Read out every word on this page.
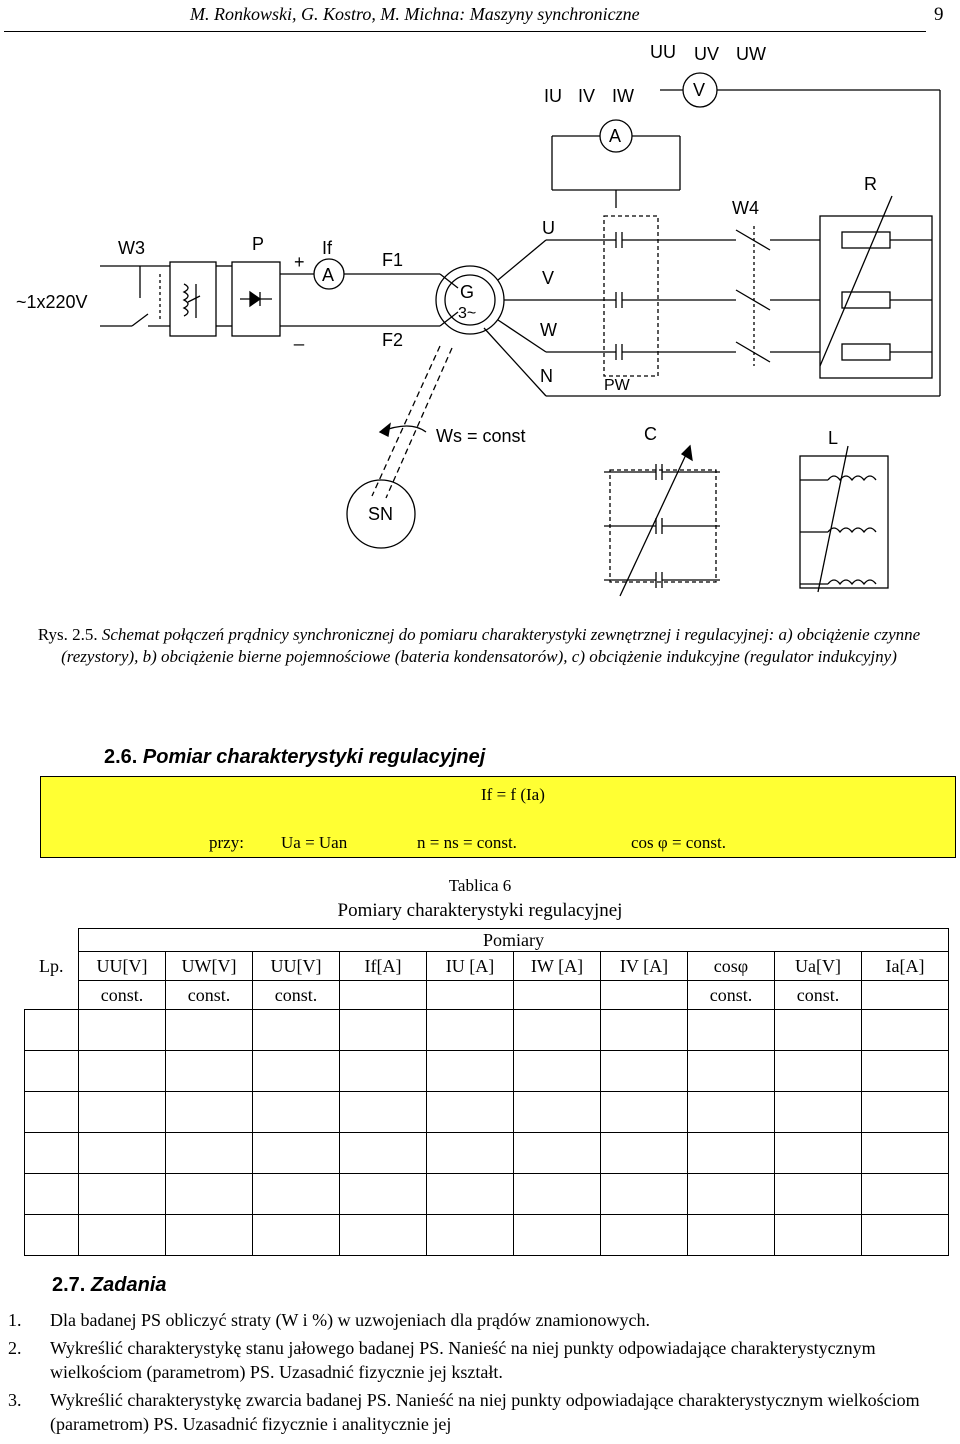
M. Ronkowski, G. Kostro, M. Michna: Maszyny synchroniczne	9
~1x220V
W3	P
+
_
If
A
F1
F2
G
3~
U
V
W
N
IU IV IW
A
UU UV UW
V
PW
W4
R
Ws = const	C	L
SN
Rys. 2.5. Schemat połączeń prądnicy synchronicznej do pomiaru charakterystyki zewnętrznej i regulacyjnej: a) obciążenie czynne (rezystory), b) obciążenie bierne pojemnościowe (bateria kondensatorów), c) obciążenie indukcyjne (regulator indukcyjny)
2.6. Pomiar charakterystyki regulacyjnej
If = f (Ia)
przy: Ua = Uan	n = ns = const.	cos φ = const.
Tablica 6
Pomiary charakterystyki regulacyjnej
	Pomiary									
Lp.	UU[V]	UW[V]	UU[V]	If[A]	IU [A]	IW [A]	IV [A]	cosφ	Ua[V]	Ia[A]
	const.	const.	const.					const.	const.	

2.7. Zadania
1. Dla badanej PS obliczyć straty (W i %) w uzwojeniach dla prądów znamionowych.
2. Wykreślić charakterystykę stanu jałowego badanej PS. Nanieść na niej punkty odpowiadające charakterystycznym wielkościom (parametrom) PS. Uzasadnić fizycznie jej kształt.
3. Wykreślić charakterystykę zwarcia badanej PS. Nanieść na niej punkty odpowiadające charakterystycznym wielkościom (parametrom) PS. Uzasadnić fizycznie i analitycznie jej
